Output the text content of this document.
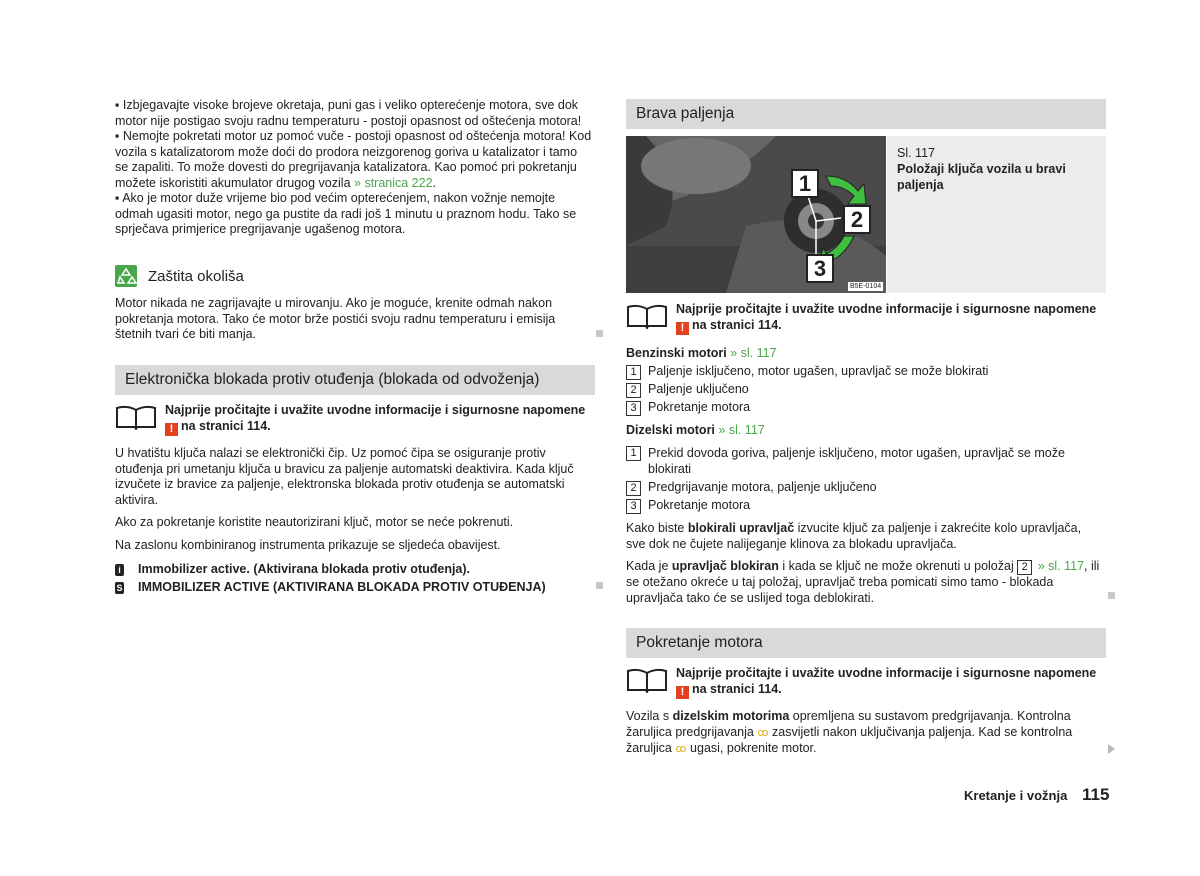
▪ Izbjegavajte visoke brojeve okretaja, puni gas i veliko opterećenje motora, sve dok motor nije postigao svoju radnu temperaturu - postoji opasnost od oštećenja motora!

▪ Nemojte pokretati motor uz pomoć vuče - postoji opasnost od oštećenja motora! Kod vozila s katalizatorom može doći do prodora neizgorenog goriva u katalizator i tamo se zapaliti. To može dovesti do pregrijavanja katalizatora. Kao pomoć pri pokretanju možete iskoristiti akumulator drugog vozila » stranica 222.

▪ Ako je motor duže vrijeme bio pod većim opterećenjem, nakon vožnje nemojte odmah ugasiti motor, nego ga pustite da radi još 1 minutu u praznom hodu. Tako se sprječava primjerice pregrijavanje ugašenog motora.

Zaštita okoliša

Motor nikada ne zagrijavajte u mirovanju. Ako je moguće, krenite odmah nakon pokretanja motora. Tako će motor brže postići svoju radnu temperaturu i emisija štetnih tvari će biti manja.

Elektronička blokada protiv otuđenja (blokada od odvoženja)
Najprije pročitajte i uvažite uvodne informacije i sigurnosne napomene
! na stranici 114.

U hvatištu ključa nalazi se elektronički čip. Uz pomoć čipa se osiguranje protiv otuđenja pri umetanju ključa u bravicu za paljenje automatski deaktivira. Kada ključ izvučete iz bravice za paljenje, elektronska blokada protiv otuđenja se automatski aktivira.

Ako za pokretanje koristite neautorizirani ključ, motor se neće pokrenuti.

Na zaslonu kombiniranog instrumenta prikazuje se sljedeća obavijest.

i Immobilizer active. (Aktivirana blokada protiv otuđenja).
S IMMOBILIZER ACTIVE (AKTIVIRANA BLOKADA PROTIV OTUĐENJA)
Brava paljenja
1
2
3
B5E-0104
Sl. 117
Položaji ključa vozila u bravi paljenja
Najprije pročitajte i uvažite uvodne informacije i sigurnosne napomene
! na stranici 114.
Benzinski motori » sl. 117
1 Paljenje isključeno, motor ugašen, upravljač se može blokirati
2 Paljenje uključeno
3 Pokretanje motora
Dizelski motori » sl. 117
1 Prekid dovoda goriva, paljenje isključeno, motor ugašen, upravljač se može blokirati
2 Predgrijavanje motora, paljenje uključeno
3 Pokretanje motora

Kako biste blokirali upravljač izvucite ključ za paljenje i zakrećite kolo upravljača, sve dok ne čujete nalijeganje klinova za blokadu upravljača.

Kada je upravljač blokiran i kada se ključ ne može okrenuti u položaj 2 » sl. 117, ili se otežano okreće u taj položaj, upravljač treba pomicati simo tamo - blokada upravljača tako će se uslijed toga deblokirati.

Pokretanje motora
Najprije pročitajte i uvažite uvodne informacije i sigurnosne napomene
! na stranici 114.

Vozila s dizelskim motorima opremljena su sustavom predgrijavanja. Kontrolna žaruljica predgrijavanja ꝏ zasvijetli nakon uključivanja paljenja. Kad se kontrolna žaruljica ꝏ ugasi, pokrenite motor.

Kretanje i vožnja 115
